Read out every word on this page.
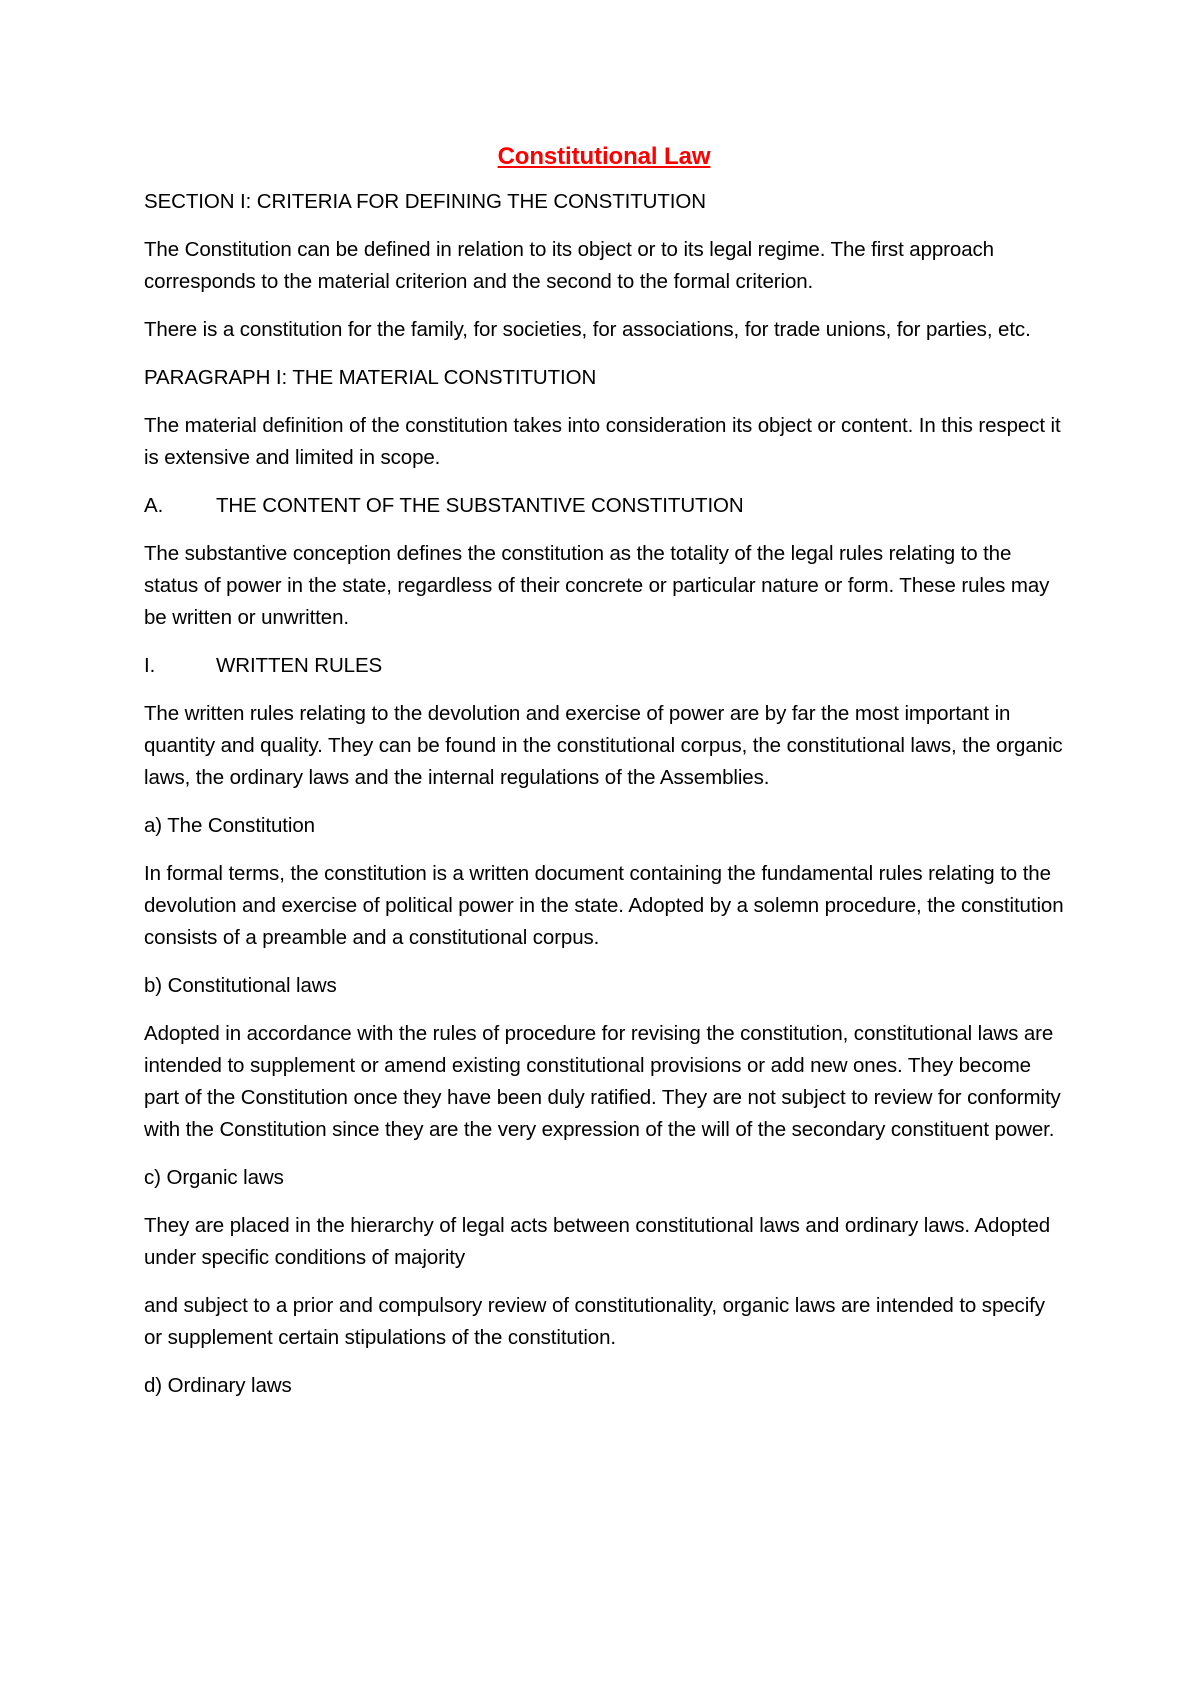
Constitutional Law
SECTION I: CRITERIA FOR DEFINING THE CONSTITUTION

The Constitution can be defined in relation to its object or to its legal regime. The first approach corresponds to the material criterion and the second to the formal criterion.

There is a constitution for the family, for societies, for associations, for trade unions, for parties, etc.

PARAGRAPH I: THE MATERIAL CONSTITUTION

The material definition of the constitution takes into consideration its object or content. In this respect it is extensive and limited in scope.

A.	THE CONTENT OF THE SUBSTANTIVE CONSTITUTION

The substantive conception defines the constitution as the totality of the legal rules relating to the status of power in the state, regardless of their concrete or particular nature or form. These rules may be written or unwritten.

I.	WRITTEN RULES

The written rules relating to the devolution and exercise of power are by far the most important in quantity and quality. They can be found in the constitutional corpus, the constitutional laws, the organic laws, the ordinary laws and the internal regulations of the Assemblies.

a) The Constitution

In formal terms, the constitution is a written document containing the fundamental rules relating to the devolution and exercise of political power in the state. Adopted by a solemn procedure, the constitution consists of a preamble and a constitutional corpus.

b) Constitutional laws

Adopted in accordance with the rules of procedure for revising the constitution, constitutional laws are intended to supplement or amend existing constitutional provisions or add new ones. They become part of the Constitution once they have been duly ratified. They are not subject to review for conformity with the Constitution since they are the very expression of the will of the secondary constituent power.

c) Organic laws

They are placed in the hierarchy of legal acts between constitutional laws and ordinary laws. Adopted under specific conditions of majority

and subject to a prior and compulsory review of constitutionality, organic laws are intended to specify or supplement certain stipulations of the constitution.

d) Ordinary laws
